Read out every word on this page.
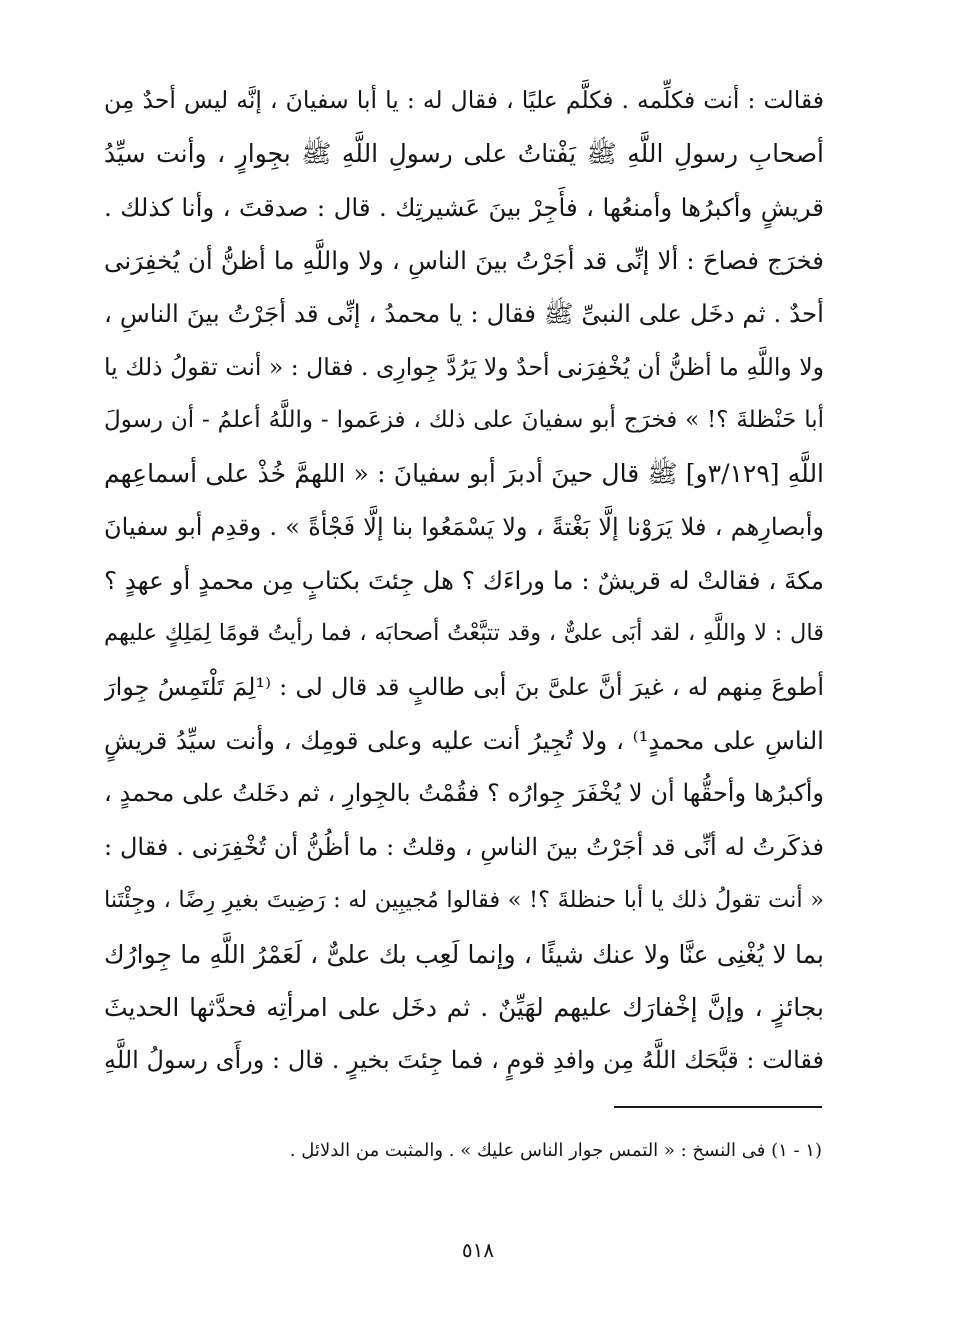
فقالت : أنت فكلِّمه . فكلَّم عليًا ، فقال له : يا أبا سفيانَ ، إنَّه ليس أحدٌ مِن
أصحابِ رسولِ اللَّهِ ﷺ يَفْتاتُ على رسولِ اللَّهِ ﷺ بجِوارٍ ، وأنت سيِّدُ
قريشٍ وأكبرُها وأمنعُها ، فأَجِرْ بينَ عَشيرتِك . قال : صدقتَ ، وأنا كذلك .
فخرَج فصاحَ : ألا إنِّى قد أجَرْتُ بينَ الناسِ ، ولا واللَّهِ ما أظنُّ أن يُخفِرَنى
أحدٌ . ثم دخَل على النبىِّ ﷺ فقال : يا محمدُ ، إنِّى قد أجَرْتُ بينَ الناسِ ،
ولا واللَّهِ ما أظنُّ أن يُخْفِرَنى أحدٌ ولا يَرُدَّ جِوارِى . فقال : « أنت تقولُ ذلك يا
أبا حَنْظلةَ ؟! » فخرَج أبو سفيانَ على ذلك ، فزعَموا - واللَّهُ أعلمُ - أن رسولَ
اللَّهِ [٣/١٢٩و] ﷺ قال حينَ أدبرَ أبو سفيانَ : « اللهمَّ خُذْ على أسماعِهم
وأبصارِهم ، فلا يَرَوْنا إلَّا بَغْتةً ، ولا يَسْمَعُوا بنا إلَّا فَجْأةً » . وقدِم أبو سفيانَ
مكةَ ، فقالتْ له قريشٌ : ما وراءَك ؟ هل جِئتَ بكتابٍ مِن محمدٍ أو عهدٍ ؟
قال : لا واللَّهِ ، لقد أبَى علىٌّ ، وقد تتبَّعْتُ أصحابَه ، فما رأيتُ قومًا لِمَلِكٍ عليهم
أطوعَ مِنهم له ، غيرَ أنَّ علىَّ بنَ أبى طالبٍ قد قال لى : ⁽¹لِمَ تَلْتَمِسُ جِوارَ
الناسِ على محمدٍ¹⁾ ، ولا تُجِيرُ أنت عليه وعلى قومِك ، وأنت سيِّدُ قريشٍ
وأكبرُها وأحقُّها أن لا يُخْفَرَ جِوارُه ؟ فقُمْتُ بالجِوارِ ، ثم دخَلتُ على محمدٍ ،
فذكَرتُ له أنِّى قد أجَرْتُ بينَ الناسِ ، وقلتُ : ما أظُنُّ أن تُخْفِرَنى . فقال :
« أنت تقولُ ذلك يا أبا حنظلةَ ؟! » فقالوا مُجيبِين له : رَضِيتَ بغيرِ رِضًا ، وجِئْتَنا
بما لا يُغْنِى عنَّا ولا عنك شيئًا ، وإنما لَعِب بك علىٌّ ، لَعَمْرُ اللَّهِ ما جِوارُك
بجائزٍ ، وإنَّ إخْفارَك عليهم لهَيِّنٌ . ثم دخَل على امرأتِه فحدَّثها الحديثَ
فقالت : قبَّحَك اللَّهُ مِن وافدِ قومٍ ، فما جِئتَ بخيرٍ . قال : ورأَى رسولُ اللَّهِ
(١ - ١) فى النسخ : « التمس جوار الناس عليك » . والمثبت من الدلائل .
٥١٨
